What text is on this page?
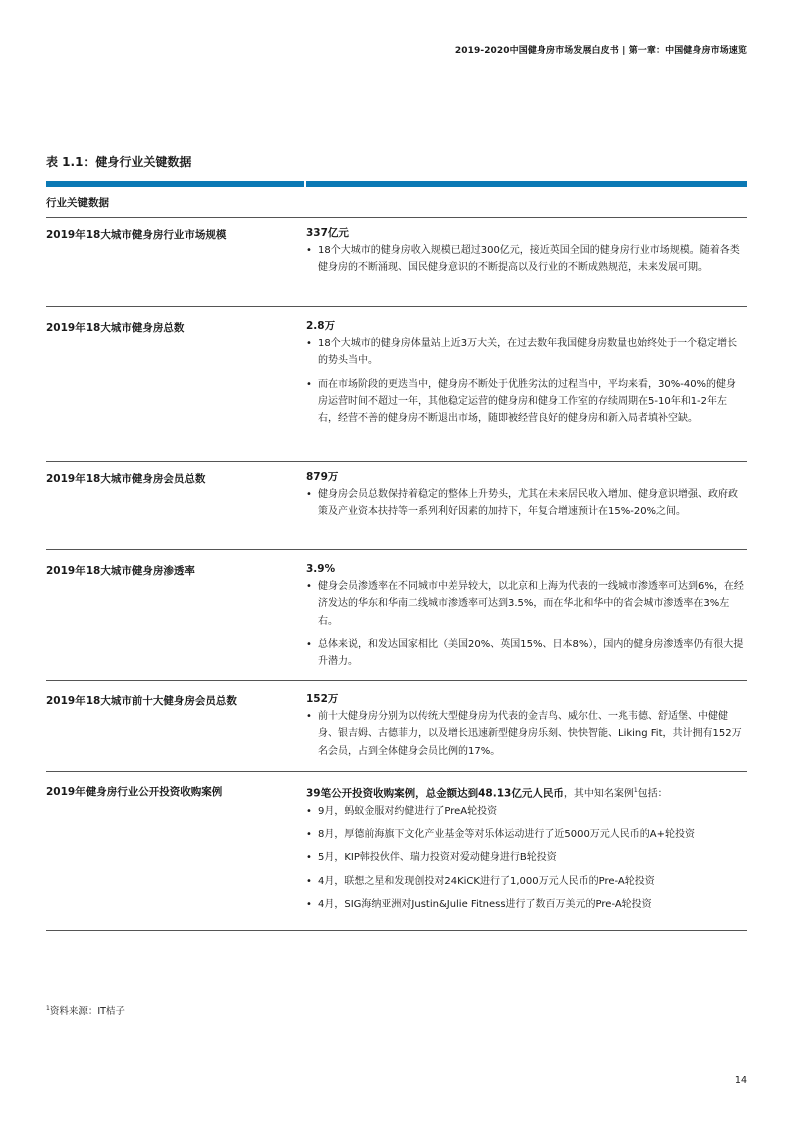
2019-2020中国健身房市场发展白皮书 | 第一章：中国健身房市场速览
表 1.1：健身行业关键数据
行业关键数据
2019年18大城市健身房行业市场规模	337亿元
• 18个大城市的健身房收入规模已超过300亿元，接近英国全国的健身房行业市场规模。随着各类健身房的不断涌现、国民健身意识的不断提高以及行业的不断成熟规范，未来发展可期。
2019年18大城市健身房总数	2.8万
• 18个大城市的健身房体量站上近3万大关，在过去数年我国健身房数量也始终处于一个稳定增长的势头当中。
• 而在市场阶段的更迭当中，健身房不断处于优胜劣汰的过程当中，平均来看，30%-40%的健身房运营时间不超过一年，其他稳定运营的健身房和健身工作室的存续周期在5-10年和1-2年左右，经营不善的健身房不断退出市场，随即被经营良好的健身房和新入局者填补空缺。
2019年18大城市健身房会员总数	879万
• 健身房会员总数保持着稳定的整体上升势头，尤其在未来居民收入增加、健身意识增强、政府政策及产业资本扶持等一系列利好因素的加持下，年复合增速预计在15%-20%之间。
2019年18大城市健身房渗透率	3.9%
• 健身会员渗透率在不同城市中差异较大，以北京和上海为代表的一线城市渗透率可达到6%，在经济发达的华东和华南二线城市渗透率可达到3.5%，而在华北和华中的省会城市渗透率在3%左右。
• 总体来说，和发达国家相比（美国20%、英国15%、日本8%），国内的健身房渗透率仍有很大提升潜力。
2019年18大城市前十大健身房会员总数	152万
• 前十大健身房分别为以传统大型健身房为代表的金吉鸟、威尔仕、一兆韦德、舒适堡、中健健身、银吉姆、古德菲力，以及增长迅速新型健身房乐刻、快快智能、Liking Fit，共计拥有152万名会员，占到全体健身会员比例的17%。
2019年健身房行业公开投资收购案例	39笔公开投资收购案例，总金额达到48.13亿元人民币，其中知名案例$^1$包括：
• 9月，蚂蚁金服对约健进行了PreA轮投资
• 8月，厚德前海旗下文化产业基金等对乐体运动进行了近5000万元人民币的A+轮投资
• 5月，KIP韩投伙伴、瑞力投资对爱动健身进行B轮投资
• 4月，联想之星和发现创投对24KiCK进行了1,000万元人民币的Pre-A轮投资
• 4月，SIG海纳亚洲对Justin&Julie Fitness进行了数百万美元的Pre-A轮投资
$^1$资料来源：IT桔子
14
